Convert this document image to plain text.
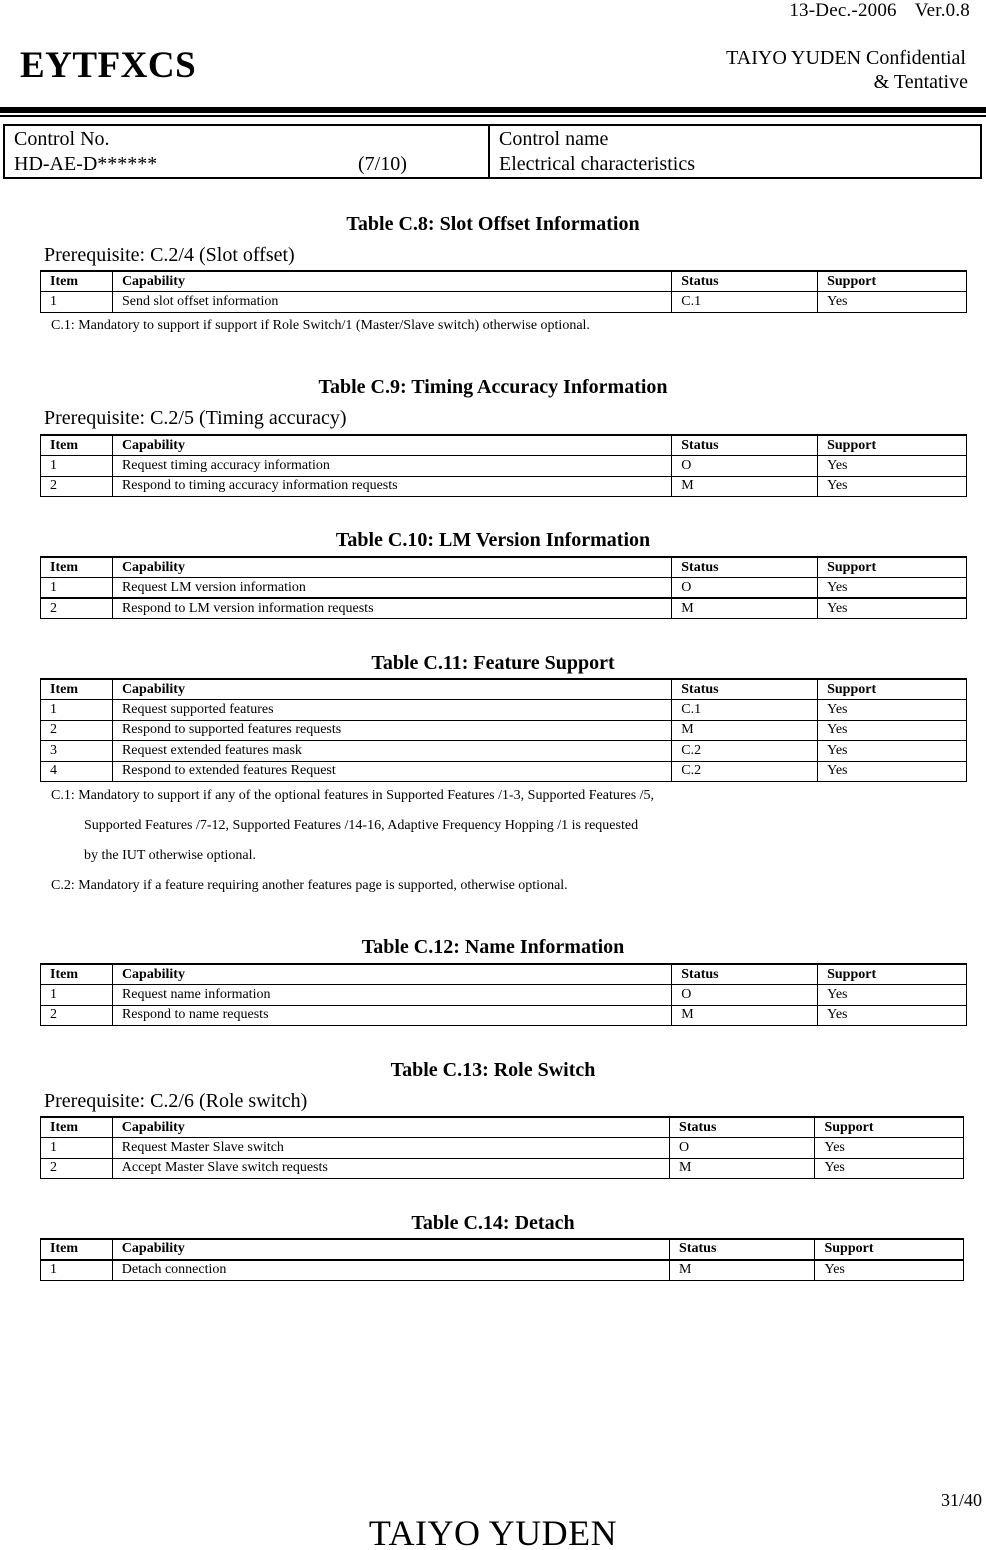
13-Dec.-2006 Ver.0.8
EYTFXCS	TAIYO YUDEN Confidential
& Tentative
Control No.
HD-AE-D******	(7/10)
Control name
Electrical characteristics
Table C.8: Slot Offset Information
Prerequisite: C.2/4 (Slot offset)
Item	Capability	Status	Support
1	Send slot offset information	C.1	Yes
C.1: Mandatory to support if support if Role Switch/1 (Master/Slave switch) otherwise optional.
Table C.9: Timing Accuracy Information
Prerequisite: C.2/5 (Timing accuracy)
Item	Capability	Status	Support
1	Request timing accuracy information	O	Yes
2	Respond to timing accuracy information requests	M	Yes
Table C.10: LM Version Information
Item	Capability	Status	Support
1	Request LM version information	O	Yes
2	Respond to LM version information requests	M	Yes
Table C.11: Feature Support
Item	Capability	Status	Support
1	Request supported features	C.1	Yes
2	Respond to supported features requests	M	Yes
3	Request extended features mask	C.2	Yes
4	Respond to extended features Request	C.2	Yes
C.1: Mandatory to support if any of the optional features in Supported Features /1-3, Supported Features /5,
Supported Features /7-12, Supported Features /14-16, Adaptive Frequency Hopping /1 is requested
by the IUT otherwise optional.
C.2: Mandatory if a feature requiring another features page is supported, otherwise optional.
Table C.12: Name Information
Item	Capability	Status	Support
1	Request name information	O	Yes
2	Respond to name requests	M	Yes
Table C.13: Role Switch
Prerequisite: C.2/6 (Role switch)
Item	Capability	Status	Support
1	Request Master Slave switch	O	Yes
2	Accept Master Slave switch requests	M	Yes
Table C.14: Detach
Item	Capability	Status	Support
1	Detach connection	M	Yes
31/40
TAIYO YUDEN
